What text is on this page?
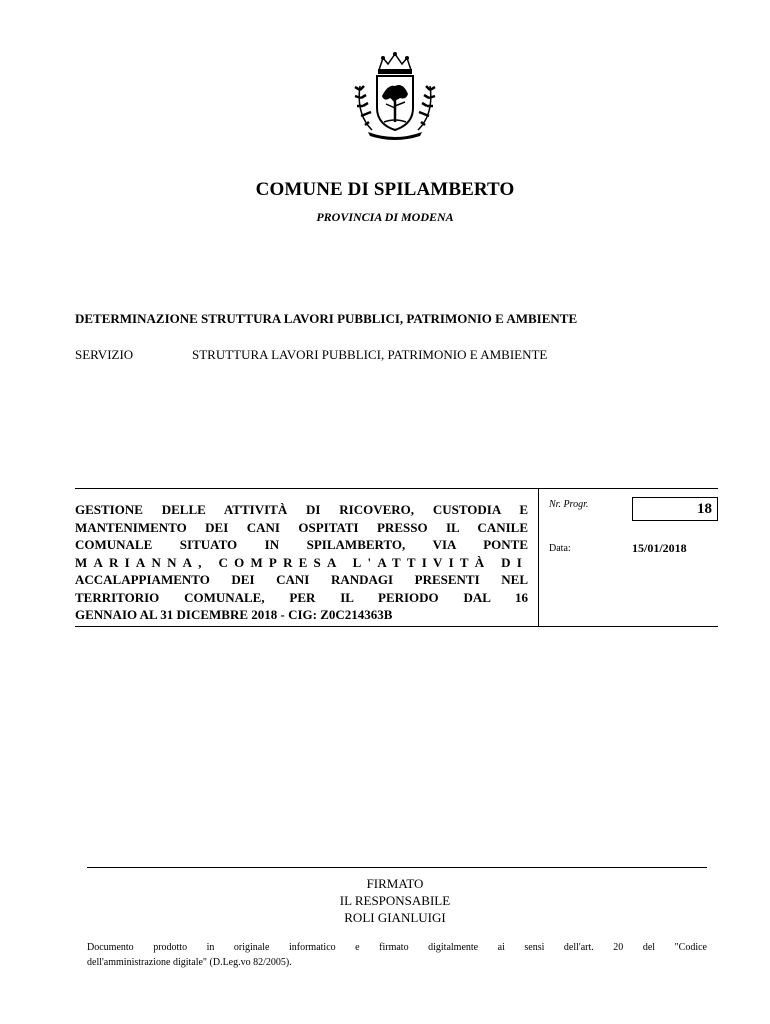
COMUNE DI SPILAMBERTO
PROVINCIA DI MODENA
DETERMINAZIONE STRUTTURA LAVORI PUBBLICI, PATRIMONIO E AMBIENTE
SERVIZIO	STRUTTURA LAVORI PUBBLICI, PATRIMONIO E AMBIENTE
GESTIONE DELLE ATTIVITÀ DI RICOVERO, CUSTODIA E
MANTENIMENTO DEI CANI OSPITATI PRESSO IL CANILE
COMUNALE SITUATO IN SPILAMBERTO, VIA PONTE
MARIANNA, COMPRESA L'ATTIVITÀ DI
ACCALAPPIAMENTO DEI CANI RANDAGI PRESENTI NEL
TERRITORIO COMUNALE, PER IL PERIODO DAL 16
GENNAIO AL 31 DICEMBRE 2018 - CIG: Z0C214363B
Nr. Progr.	18
Data:	15/01/2018
FIRMATO
IL RESPONSABILE
ROLI GIANLUIGI
Documento prodotto in originale informatico e firmato digitalmente ai sensi dell'art. 20 del "Codice
dell'amministrazione digitale" (D.Leg.vo 82/2005).
